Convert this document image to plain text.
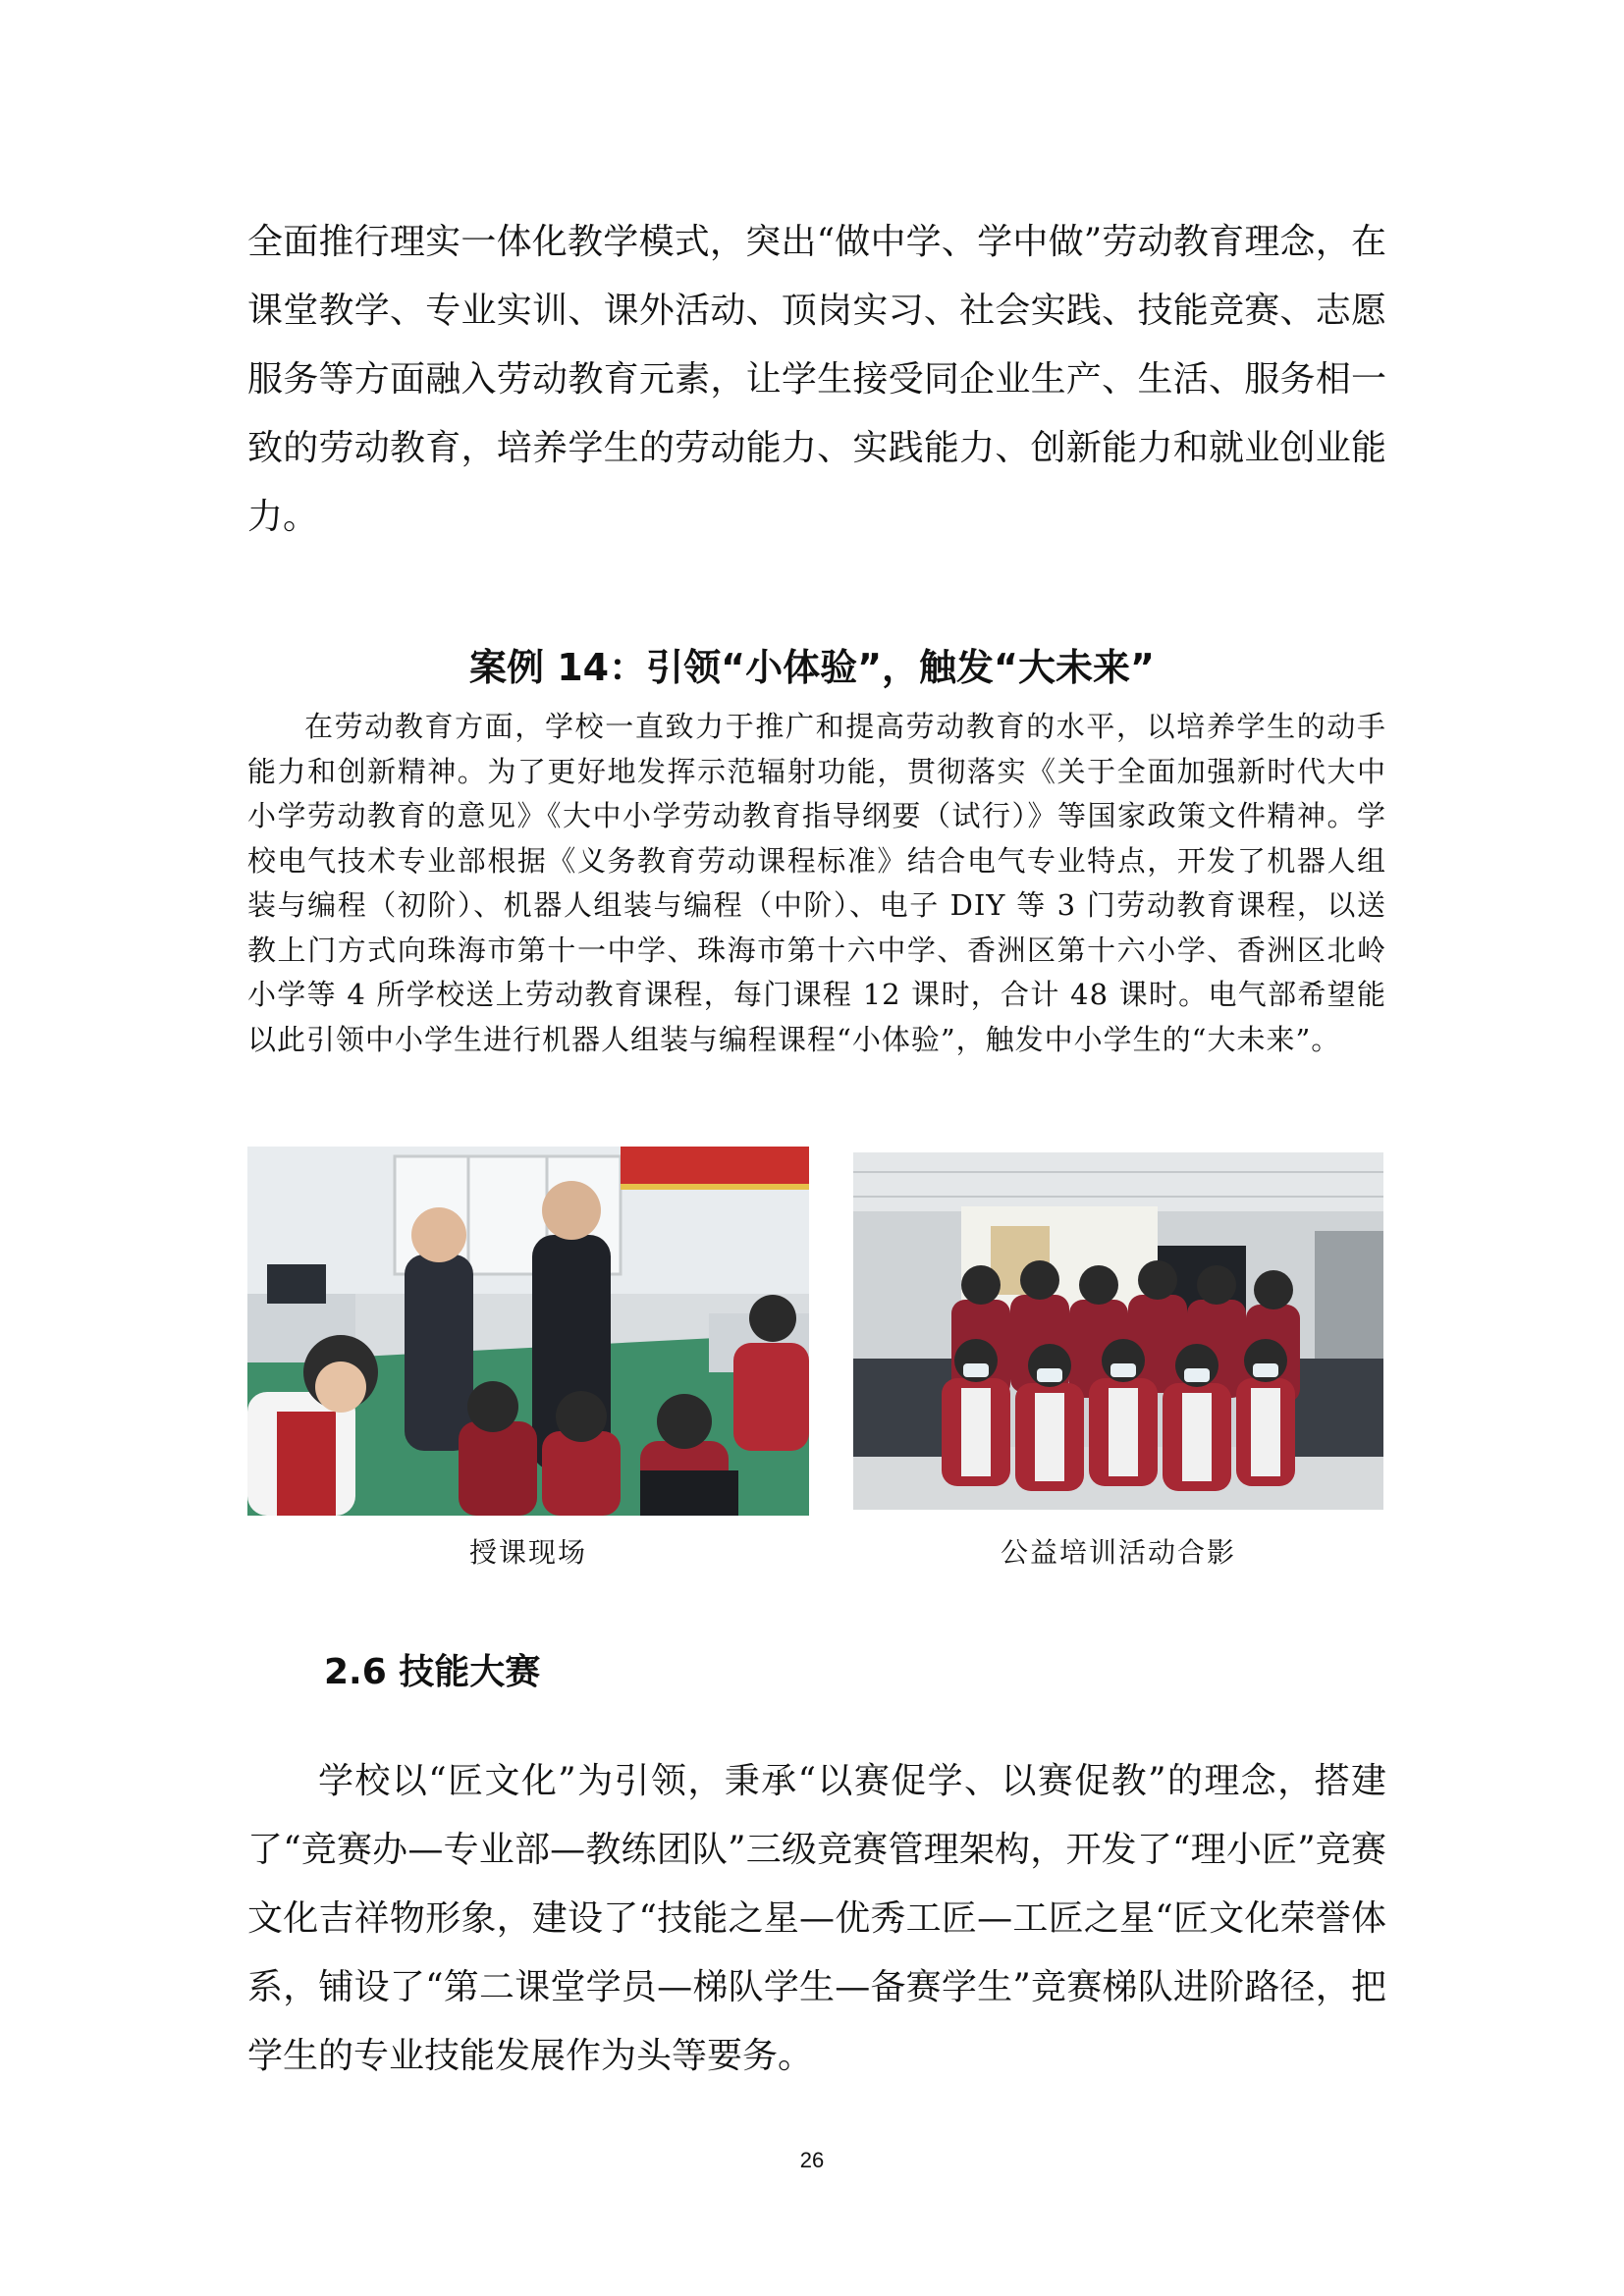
全面推行理实一体化教学模式，突出“做中学、学中做”劳动教育理念，在课堂教学、专业实训、课外活动、顶岗实习、社会实践、技能竞赛、志愿服务等方面融入劳动教育元素，让学生接受同企业生产、生活、服务相一致的劳动教育，培养学生的劳动能力、实践能力、创新能力和就业创业能力。

案例 14：引领“小体验”，触发“大未来”

在劳动教育方面，学校一直致力于推广和提高劳动教育的水平，以培养学生的动手能力和创新精神。为了更好地发挥示范辐射功能，贯彻落实《关于全面加强新时代大中小学劳动教育的意见》《大中小学劳动教育指导纲要（试行）》等国家政策文件精神。学校电气技术专业部根据《义务教育劳动课程标准》结合电气专业特点，开发了机器人组装与编程（初阶）、机器人组装与编程（中阶）、电子 DIY 等 3 门劳动教育课程，以送教上门方式向珠海市第十一中学、珠海市第十六中学、香洲区第十六小学、香洲区北岭小学等 4 所学校送上劳动教育课程，每门课程 12 课时，合计 48 课时。电气部希望能以此引领中小学生进行机器人组装与编程课程“小体验”，触发中小学生的“大未来”。

授课现场	公益培训活动合影

2.6 技能大赛

学校以“匠文化”为引领，秉承“以赛促学、以赛促教”的理念，搭建了“竞赛办—专业部—教练团队”三级竞赛管理架构，开发了“理小匠”竞赛文化吉祥物形象，建设了“技能之星—优秀工匠—工匠之星“匠文化荣誉体系，铺设了“第二课堂学员—梯队学生—备赛学生”竞赛梯队进阶路径，把学生的专业技能发展作为头等要务。

26
